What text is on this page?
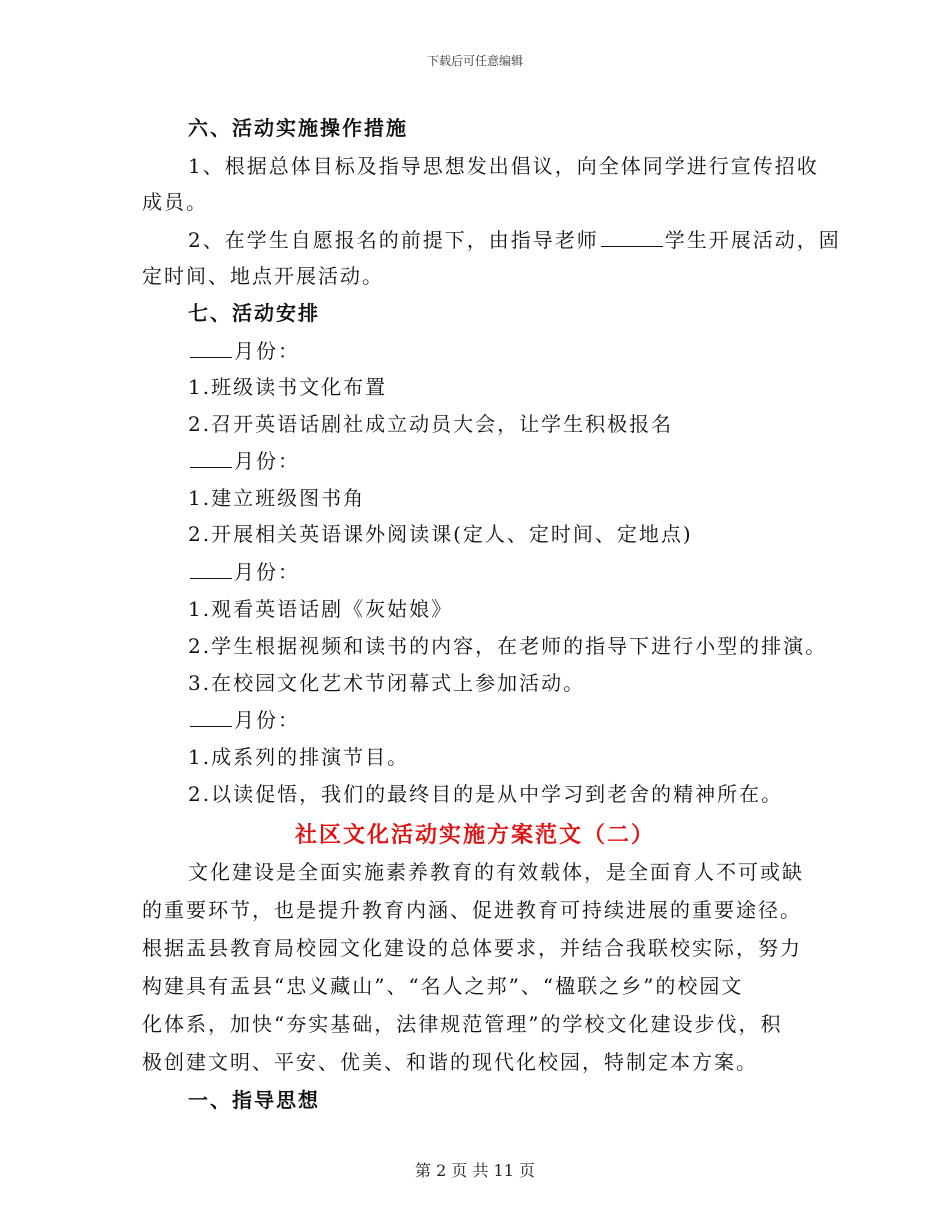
下载后可任意编辑
六、活动实施操作措施
1、根据总体目标及指导思想发出倡议，向全体同学进行宣传招收
成员。
2、在学生自愿报名的前提下，由指导老师	学生开展活动，固
定时间、地点开展活动。
七、活动安排
月份：
1.班级读书文化布置
2.召开英语话剧社成立动员大会，让学生积极报名
月份：
1.建立班级图书角
2.开展相关英语课外阅读课(定人、定时间、定地点)
月份：
1.观看英语话剧《灰姑娘》
2.学生根据视频和读书的内容，在老师的指导下进行小型的排演。
3.在校园文化艺术节闭幕式上参加活动。
月份：
1.成系列的排演节目。
2.以读促悟，我们的最终目的是从中学习到老舍的精神所在。
社区文化活动实施方案范文（二）
文化建设是全面实施素养教育的有效载体，是全面育人不可或缺
的重要环节，也是提升教育内涵、促进教育可持续进展的重要途径。
根据盂县教育局校园文化建设的总体要求，并结合我联校实际，努力
构建具有盂县“忠义藏山”、“名人之邦”、“楹联之乡”的校园文
化体系，加快“夯实基础，法律规范管理”的学校文化建设步伐，积
极创建文明、平安、优美、和谐的现代化校园，特制定本方案。
一、指导思想
第 2 页 共 11 页
